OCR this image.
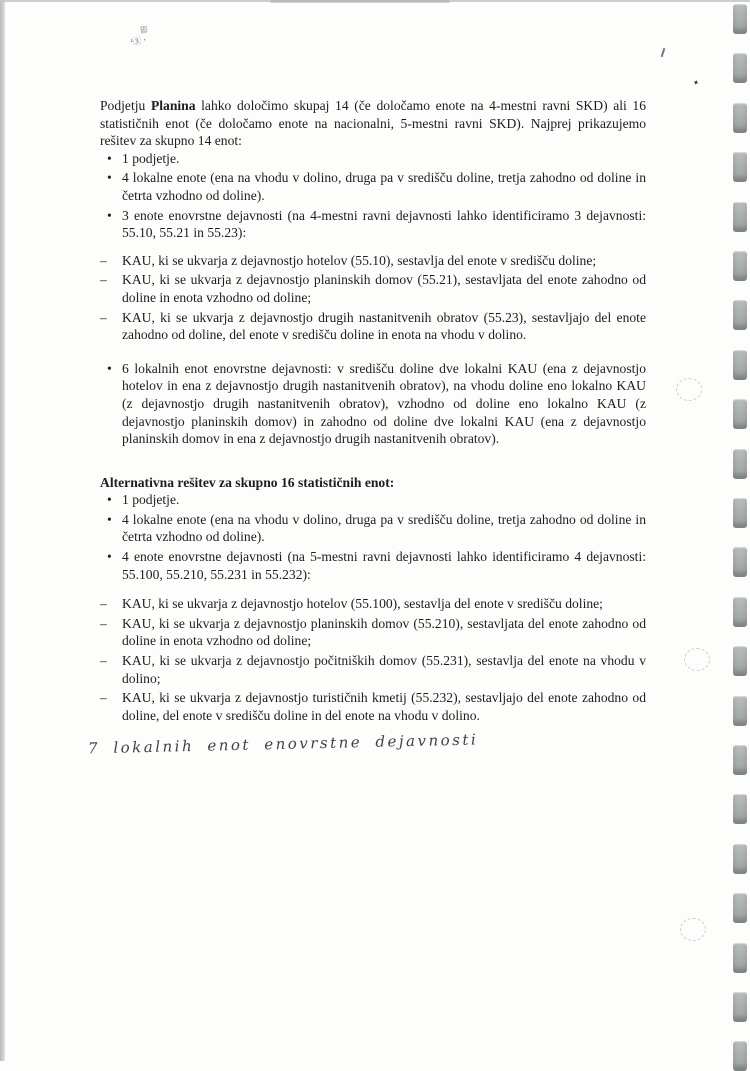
᠊ᡃ᠍ᢆ᠂
✦

Podjetju Planina lahko določimo skupaj 14 (če določamo enote na 4-mestni ravni SKD) ali 16 statističnih enot (če določamo enote na nacionalni, 5-mestni ravni SKD). Najprej prikazujemo rešitev za skupno 14 enot:

• 1 podjetje.
• 4 lokalne enote (ena na vhodu v dolino, druga pa v središču doline, tretja zahodno od doline in četrta vzhodno od doline).
• 3 enote enovrstne dejavnosti (na 4-mestni ravni dejavnosti lahko identificiramo 3 dejavnosti: 55.10, 55.21 in 55.23):
–	KAU, ki se ukvarja z dejavnostjo hotelov (55.10), sestavlja del enote v središču doline;
–	KAU, ki se ukvarja z dejavnostjo planinskih domov (55.21), sestavljata del enote zahodno od doline in enota vzhodno od doline;
–	KAU, ki se ukvarja z dejavnostjo drugih nastanitvenih obratov (55.23), sestavljajo del enote zahodno od doline, del enote v središču doline in enota na vhodu v dolino.
• 6 lokalnih enot enovrstne dejavnosti: v središču doline dve lokalni KAU (ena z dejavnostjo hotelov in ena z dejavnostjo drugih nastanitvenih obratov), na vhodu doline eno lokalno KAU (z dejavnostjo drugih nastanitvenih obratov), vzhodno od doline eno lokalno KAU (z dejavnostjo planinskih domov) in zahodno od doline dve lokalni KAU (ena z dejavnostjo planinskih domov in ena z dejavnostjo drugih nastanitvenih obratov).

Alternativna rešitev za skupno 16 statističnih enot:

• 1 podjetje.
• 4 lokalne enote (ena na vhodu v dolino, druga pa v središču doline, tretja zahodno od doline in četrta vzhodno od doline).
• 4 enote enovrstne dejavnosti (na 5-mestni ravni dejavnosti lahko identificiramo 4 dejavnosti: 55.100, 55.210, 55.231 in 55.232):
–	KAU, ki se ukvarja z dejavnostjo hotelov (55.100), sestavlja del enote v središču doline;
–	KAU, ki se ukvarja z dejavnostjo planinskih domov (55.210), sestavljata del enote zahodno od doline in enota vzhodno od doline;
–	KAU, ki se ukvarja z dejavnostjo počitniških domov (55.231), sestavlja del enote na vhodu v dolino;
–	KAU, ki se ukvarja z dejavnostjo turističnih kmetij (55.232), sestavljajo del enote zahodno od doline, del enote v središču doline in del enote na vhodu v dolino.
7 lokalnih enot enovrstne dejavnosti
